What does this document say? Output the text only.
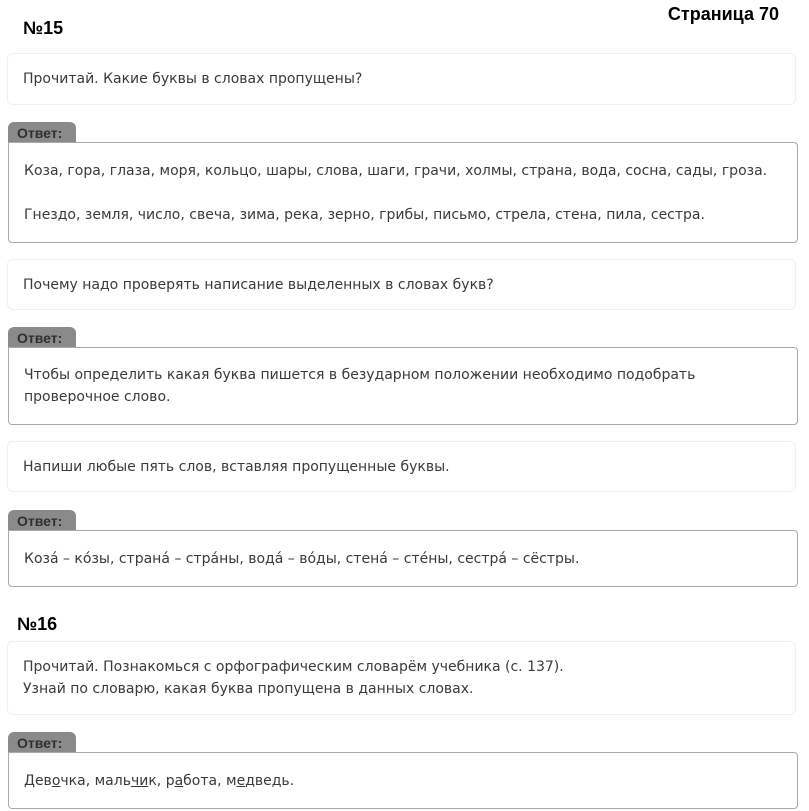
Страница 70
№15

Прочитай. Какие буквы в словах пропущены?

Ответ:

Коза, гора, глаза, моря, кольцо, шары, слова, шаги, грачи, холмы, страна, вода, сосна, сады, гроза.

Гнездо, земля, число, свеча, зима, река, зерно, грибы, письмо, стрела, стена, пила, сестра.

Почему надо проверять написание выделенных в словах букв?

Ответ:

Чтобы определить какая буква пишется в безударном положении необходимо подобрать

проверочное слово.

Напиши любые пять слов, вставляя пропущенные буквы.

Ответ:

Коза́ – ко́зы, страна́ – стра́ны, вода́ – во́ды, стена́ – сте́ны, сестра́ – сёстры.

№16

Прочитай. Познакомься с орфографическим словарём учебника (с. 137).

Узнай по словарю, какая буква пропущена в данных словах.

Ответ:

Девочка, мальчик, работа, медведь.
